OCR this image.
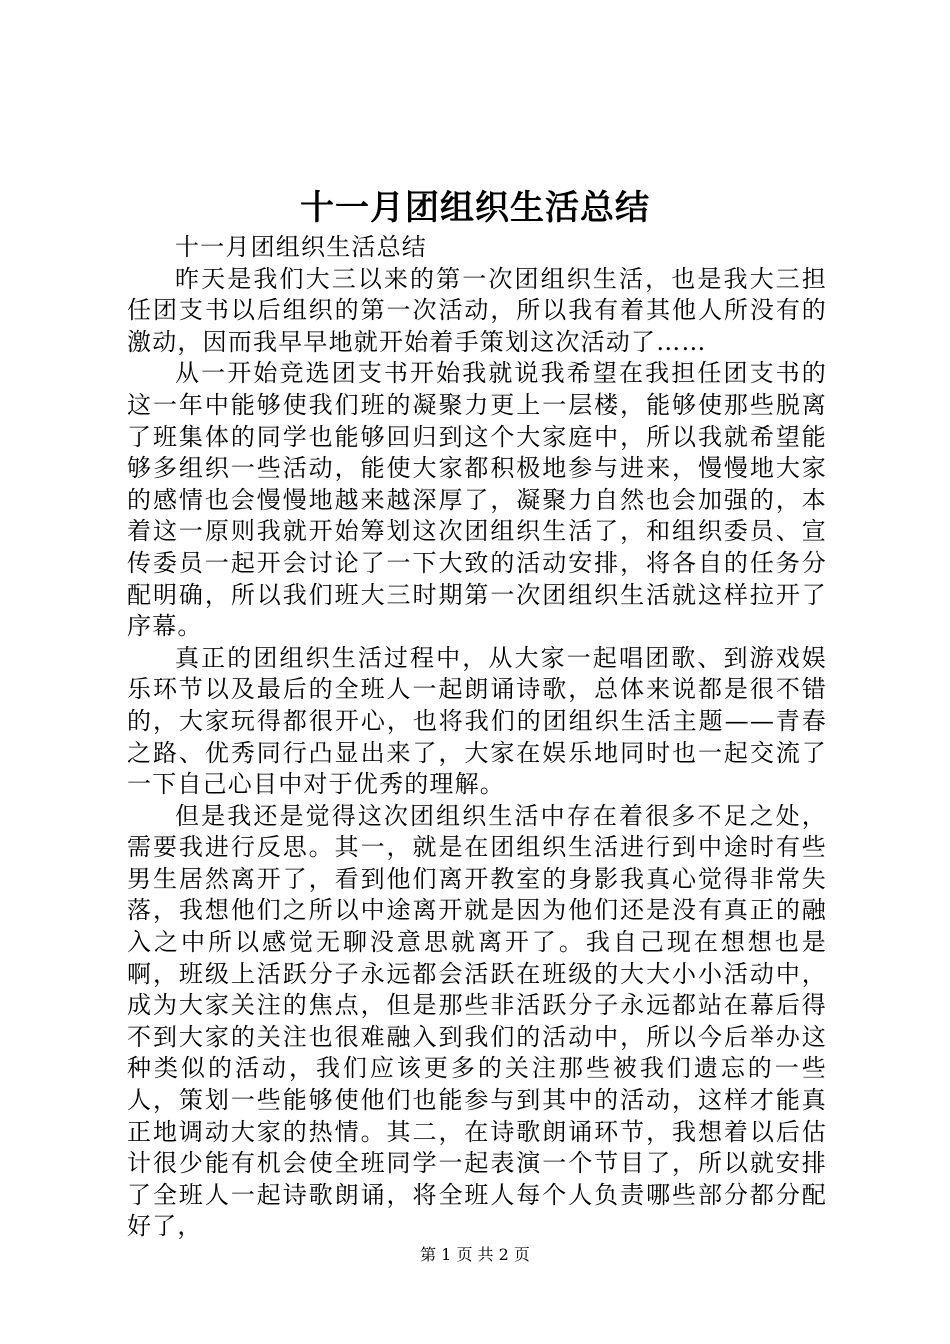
十一月团组织生活总结

十一月团组织生活总结

昨天是我们大三以来的第一次团组织生活，也是我大三担任团支书以后组织的第一次活动，所以我有着其他人所没有的激动，因而我早早地就开始着手策划这次活动了……

从一开始竞选团支书开始我就说我希望在我担任团支书的这一年中能够使我们班的凝聚力更上一层楼，能够使那些脱离了班集体的同学也能够回归到这个大家庭中，所以我就希望能够多组织一些活动，能使大家都积极地参与进来，慢慢地大家的感情也会慢慢地越来越深厚了，凝聚力自然也会加强的，本着这一原则我就开始筹划这次团组织生活了，和组织委员、宣传委员一起开会讨论了一下大致的活动安排，将各自的任务分配明确，所以我们班大三时期第一次团组织生活就这样拉开了序幕。

真正的团组织生活过程中，从大家一起唱团歌、到游戏娱乐环节以及最后的全班人一起朗诵诗歌，总体来说都是很不错的，大家玩得都很开心，也将我们的团组织生活主题——青春之路、优秀同行凸显出来了，大家在娱乐地同时也一起交流了一下自己心目中对于优秀的理解。

但是我还是觉得这次团组织生活中存在着很多不足之处，需要我进行反思。其一，就是在团组织生活进行到中途时有些男生居然离开了，看到他们离开教室的身影我真心觉得非常失落，我想他们之所以中途离开就是因为他们还是没有真正的融入之中所以感觉无聊没意思就离开了。我自己现在想想也是啊，班级上活跃分子永远都会活跃在班级的大大小小活动中，成为大家关注的焦点，但是那些非活跃分子永远都站在幕后得不到大家的关注也很难融入到我们的活动中，所以今后举办这种类似的活动，我们应该更多的关注那些被我们遗忘的一些人，策划一些能够使他们也能参与到其中的活动，这样才能真正地调动大家的热情。其二，在诗歌朗诵环节，我想着以后估计很少能有机会使全班同学一起表演一个节目了，所以就安排了全班人一起诗歌朗诵，将全班人每个人负责哪些部分都分配好了，

第 1 页 共 2 页
